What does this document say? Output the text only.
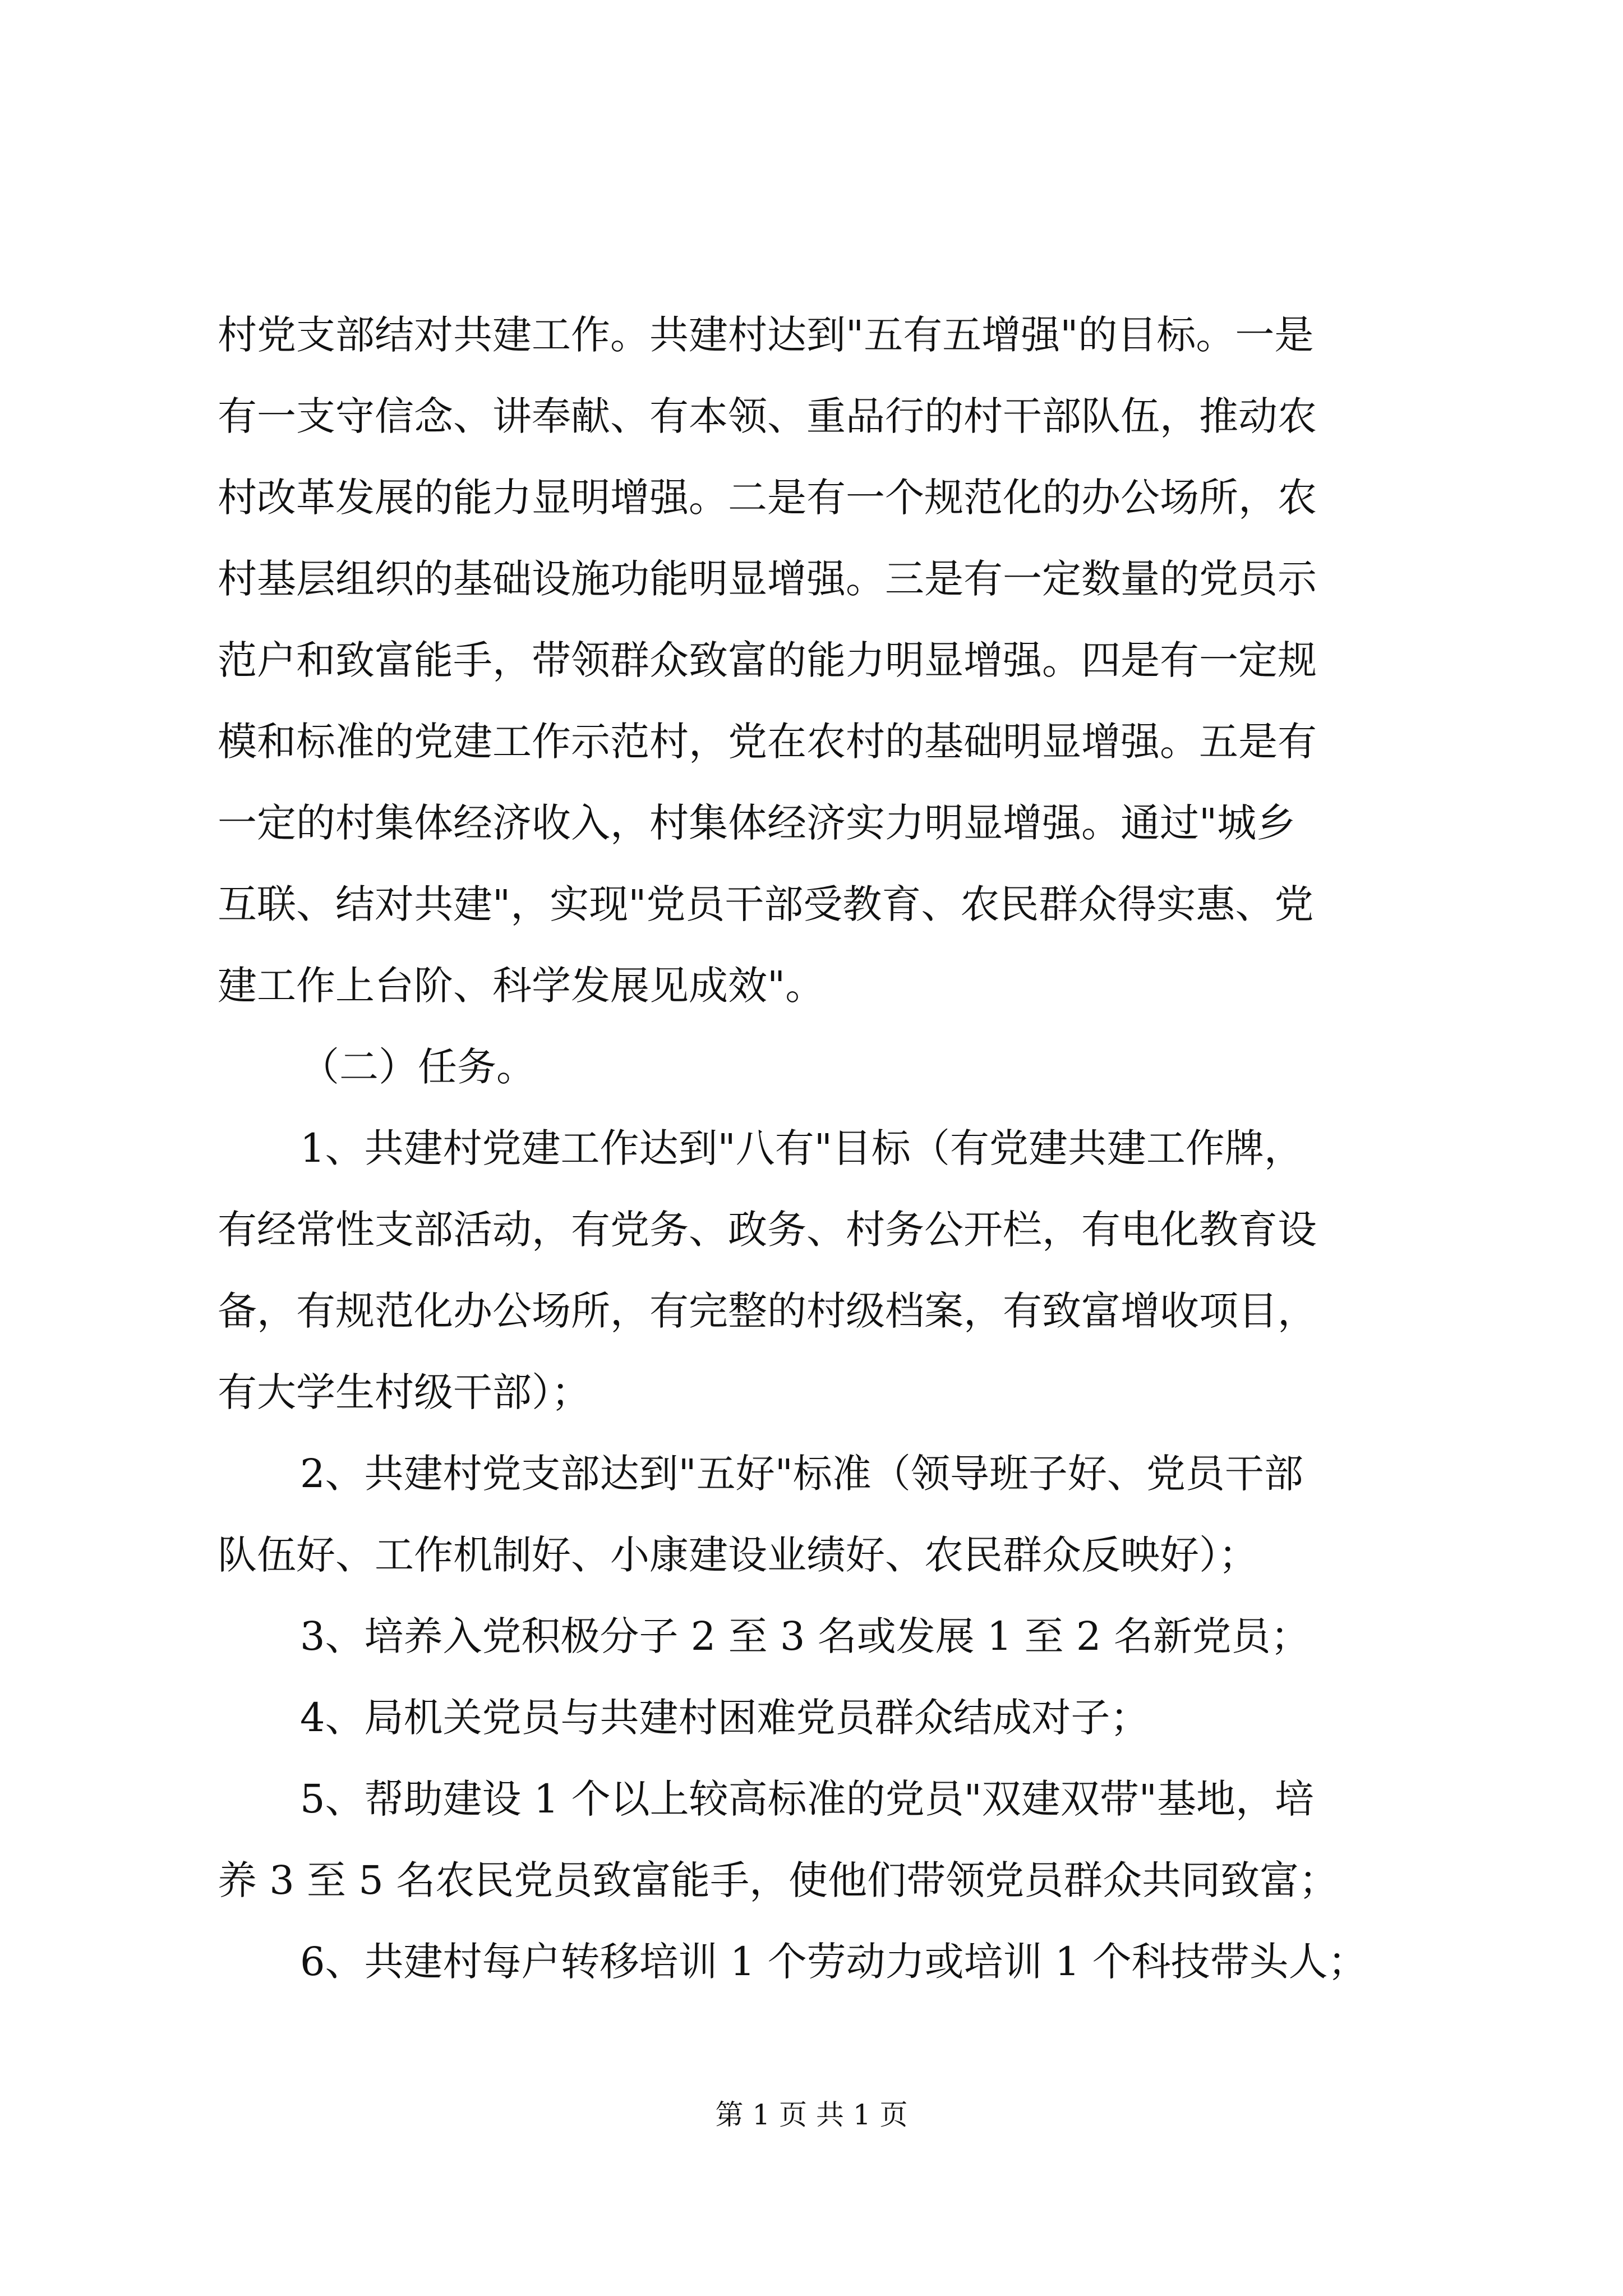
村党支部结对共建工作。共建村达到"五有五增强"的目标。一是
有一支守信念、讲奉献、有本领、重品行的村干部队伍，推动农
村改革发展的能力显明增强。二是有一个规范化的办公场所，农
村基层组织的基础设施功能明显增强。三是有一定数量的党员示
范户和致富能手，带领群众致富的能力明显增强。四是有一定规
模和标准的党建工作示范村，党在农村的基础明显增强。五是有
一定的村集体经济收入，村集体经济实力明显增强。通过"城乡
互联、结对共建"，实现"党员干部受教育、农民群众得实惠、党
建工作上台阶、科学发展见成效"。
（二）任务。
1、共建村党建工作达到"八有"目标（有党建共建工作牌，
有经常性支部活动，有党务、政务、村务公开栏，有电化教育设
备，有规范化办公场所，有完整的村级档案，有致富增收项目，
有大学生村级干部）；
2、共建村党支部达到"五好"标准（领导班子好、党员干部
队伍好、工作机制好、小康建设业绩好、农民群众反映好）；
3、培养入党积极分子 2 至 3 名或发展 1 至 2 名新党员；
4、局机关党员与共建村困难党员群众结成对子；
5、帮助建设 1 个以上较高标准的党员"双建双带"基地，培
养 3 至 5 名农民党员致富能手，使他们带领党员群众共同致富；
6、共建村每户转移培训 1 个劳动力或培训 1 个科技带头人；
第 1 页 共 1 页
